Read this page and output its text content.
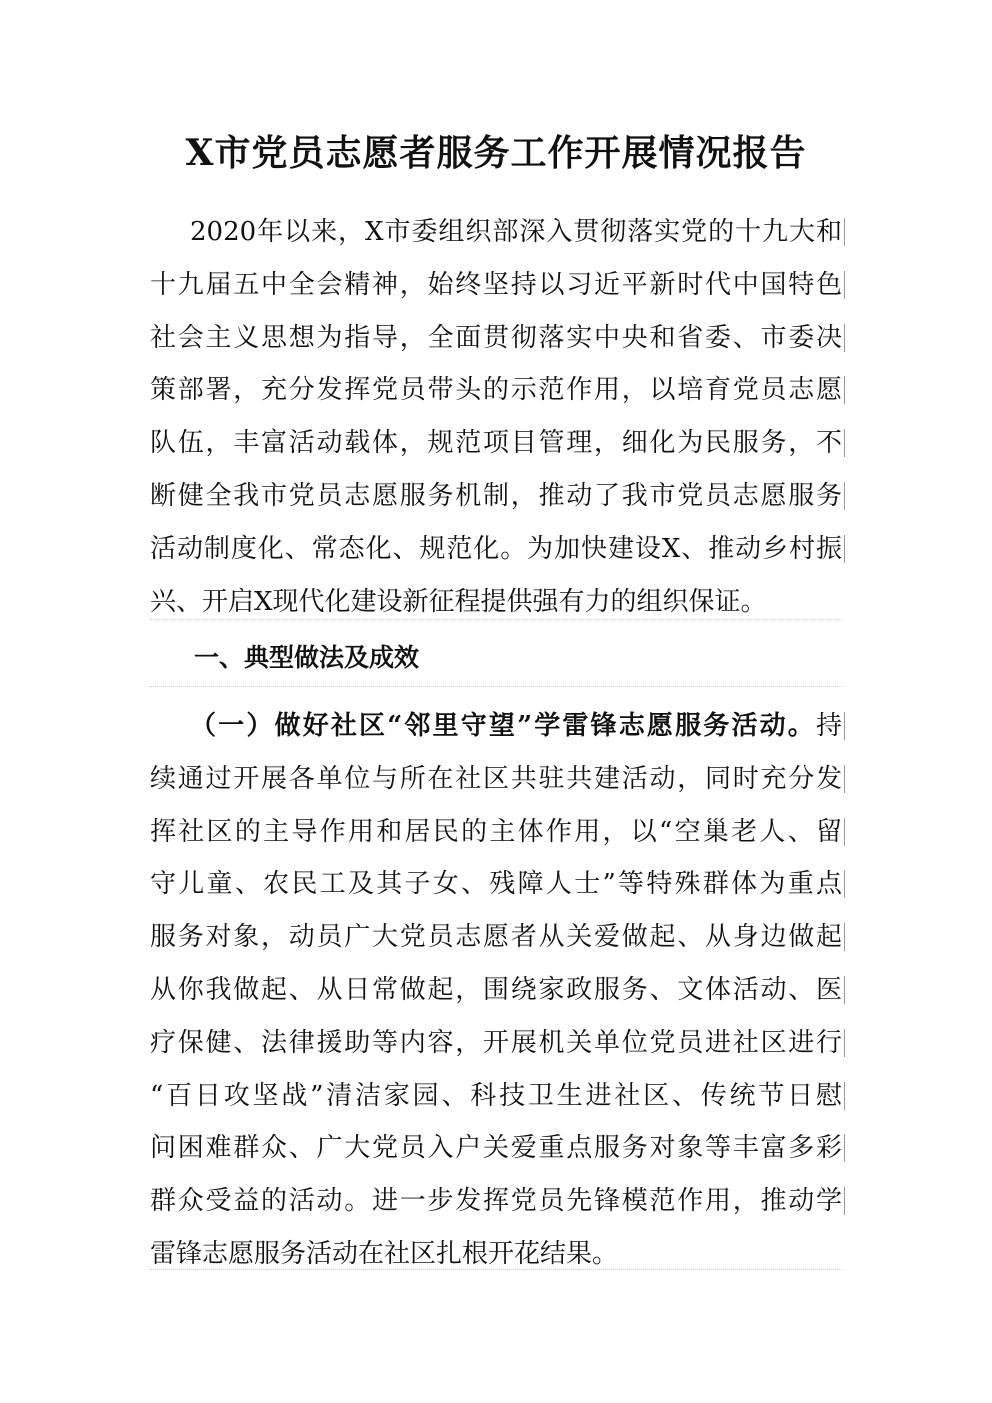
X市党员志愿者服务工作开展情况报告
2020年以来，X市委组织部深入贯彻落实党的十九大和
十九届五中全会精神，始终坚持以习近平新时代中国特色
社会主义思想为指导，全面贯彻落实中央和省委、市委决
策部署，充分发挥党员带头的示范作用，以培育党员志愿
队伍，丰富活动载体，规范项目管理，细化为民服务，不
断健全我市党员志愿服务机制，推动了我市党员志愿服务
活动制度化、常态化、规范化。为加快建设X、推动乡村振
兴、开启X现代化建设新征程提供强有力的组织保证。
一、典型做法及成效
（一）做好社区“邻里守望”学雷锋志愿服务活动。持
续通过开展各单位与所在社区共驻共建活动，同时充分发
挥社区的主导作用和居民的主体作用，以“空巢老人、留
守儿童、农民工及其子女、残障人士”等特殊群体为重点
服务对象，动员广大党员志愿者从关爱做起、从身边做起
从你我做起、从日常做起，围绕家政服务、文体活动、医
疗保健、法律援助等内容，开展机关单位党员进社区进行
“百日攻坚战”清洁家园、科技卫生进社区、传统节日慰
问困难群众、广大党员入户关爱重点服务对象等丰富多彩
群众受益的活动。进一步发挥党员先锋模范作用，推动学
雷锋志愿服务活动在社区扎根开花结果。
